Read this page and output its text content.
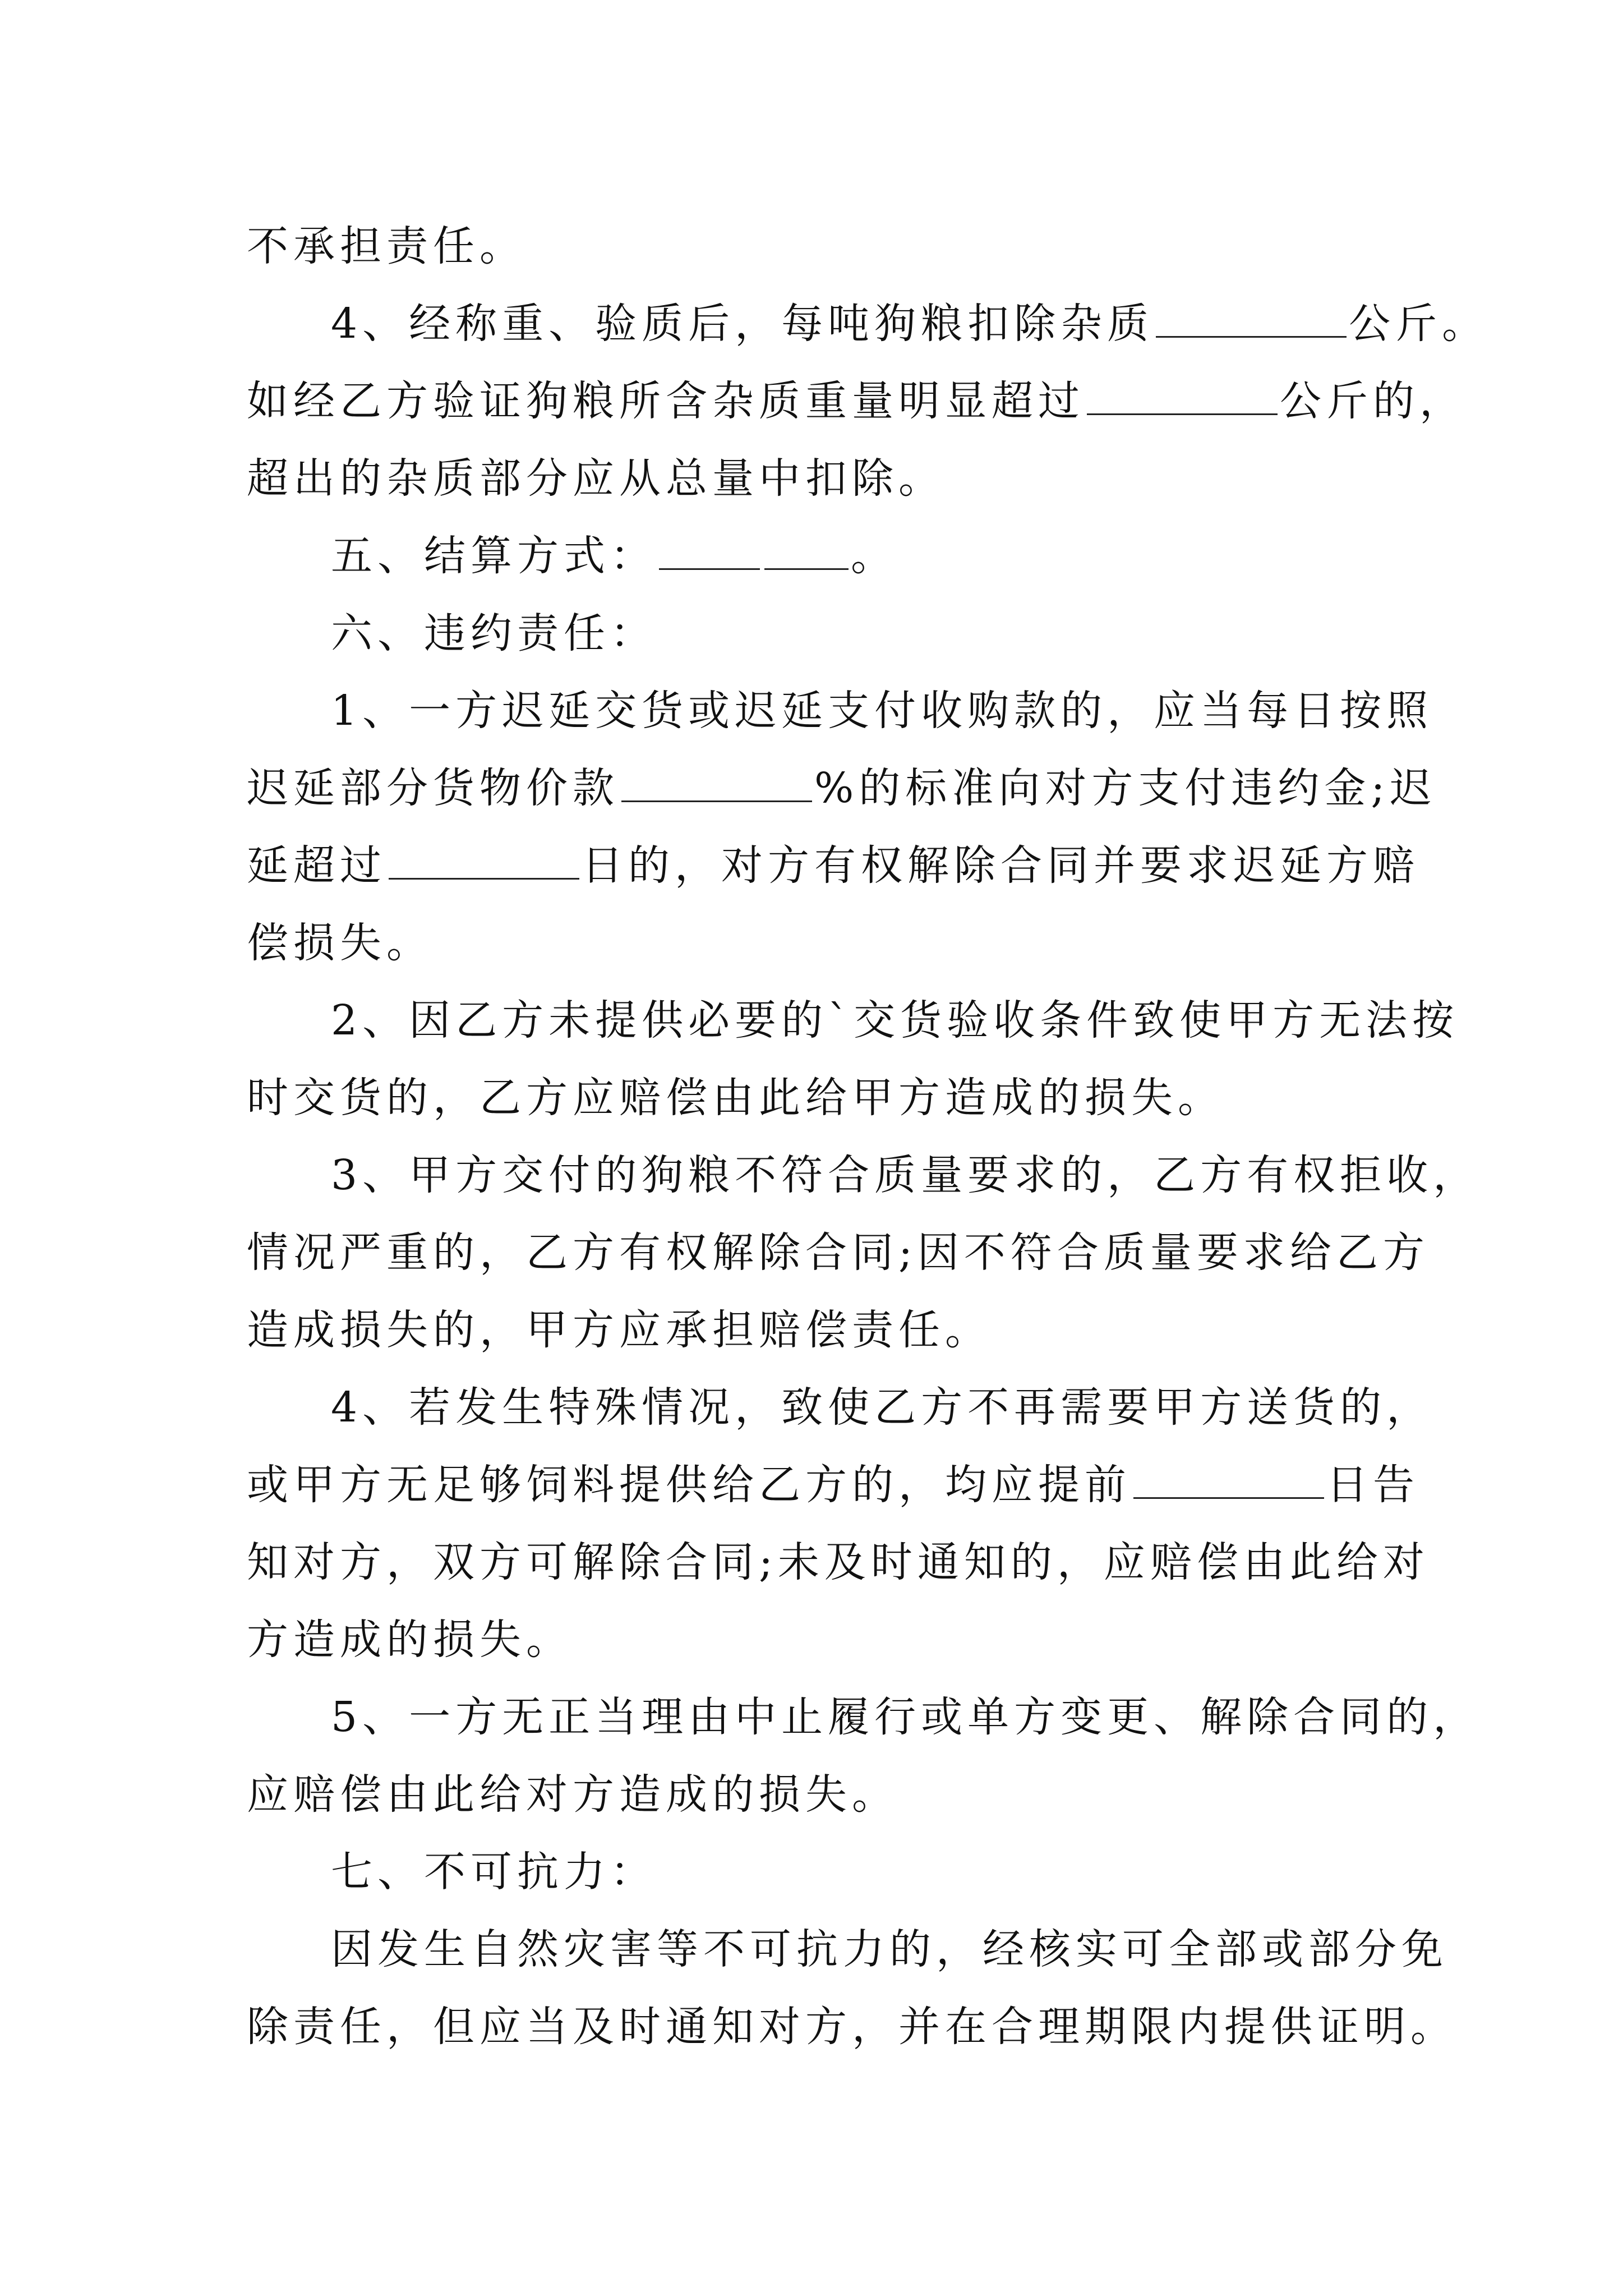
不承担责任。
4、经称重、验质后，每吨狗粮扣除杂质	公斤。
如经乙方验证狗粮所含杂质重量明显超过	公斤的，
超出的杂质部分应从总量中扣除。
五、结算方式：	。
六、违约责任：
1、一方迟延交货或迟延支付收购款的，应当每日按照
迟延部分货物价款	%的标准向对方支付违约金;迟
延超过	日的，对方有权解除合同并要求迟延方赔
偿损失。
2、因乙方未提供必要的`交货验收条件致使甲方无法按
时交货的，乙方应赔偿由此给甲方造成的损失。
3、甲方交付的狗粮不符合质量要求的，乙方有权拒收，
情况严重的，乙方有权解除合同;因不符合质量要求给乙方
造成损失的，甲方应承担赔偿责任。
4、若发生特殊情况，致使乙方不再需要甲方送货的，
或甲方无足够饲料提供给乙方的，均应提前	日告
知对方，双方可解除合同;未及时通知的，应赔偿由此给对
方造成的损失。
5、一方无正当理由中止履行或单方变更、解除合同的，
应赔偿由此给对方造成的损失。
七、不可抗力：
因发生自然灾害等不可抗力的，经核实可全部或部分免
除责任，但应当及时通知对方，并在合理期限内提供证明。
